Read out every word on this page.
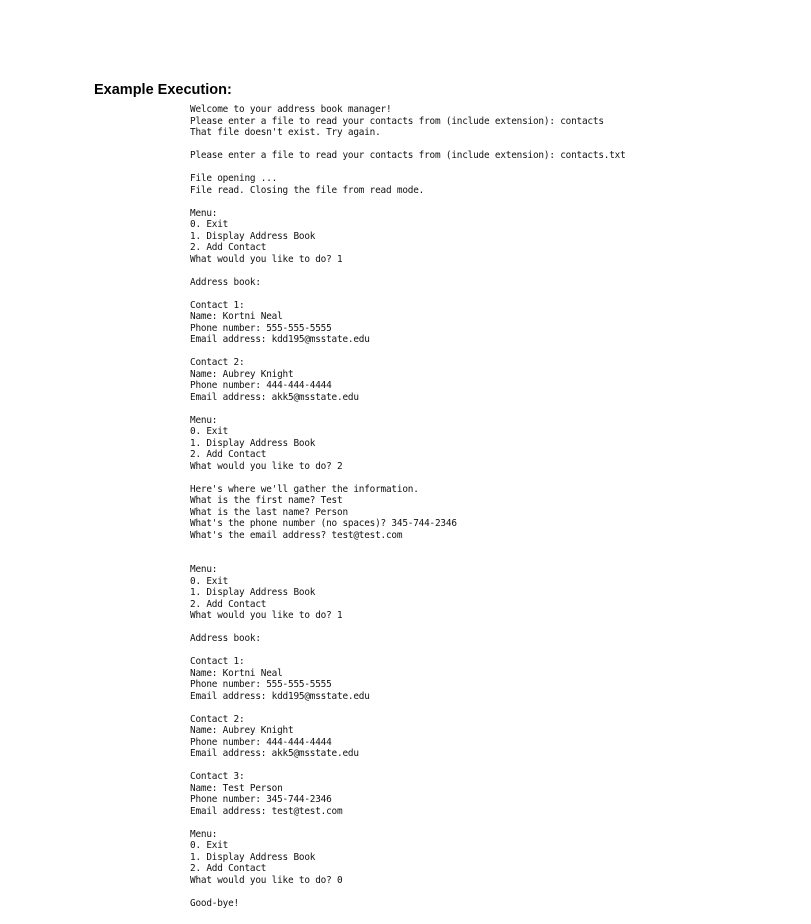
Example Execution:
Welcome to your address book manager!
Please enter a file to read your contacts from (include extension): contacts
That file doesn't exist. Try again.
Please enter a file to read your contacts from (include extension): contacts.txt
File opening ...
File read. Closing the file from read mode.
Menu:
0. Exit
1. Display Address Book
2. Add Contact
What would you like to do? 1
Address book:
Contact 1:
Name: Kortni Neal
Phone number: 555-555-5555
Email address: kdd195@msstate.edu
Contact 2:
Name: Aubrey Knight
Phone number: 444-444-4444
Email address: akk5@msstate.edu
Menu:
0. Exit
1. Display Address Book
2. Add Contact
What would you like to do? 2
Here's where we'll gather the information.
What is the first name? Test
What is the last name? Person
What's the phone number (no spaces)? 345-744-2346
What's the email address? test@test.com
Menu:
0. Exit
1. Display Address Book
2. Add Contact
What would you like to do? 1
Address book:
Contact 1:
Name: Kortni Neal
Phone number: 555-555-5555
Email address: kdd195@msstate.edu
Contact 2:
Name: Aubrey Knight
Phone number: 444-444-4444
Email address: akk5@msstate.edu
Contact 3:
Name: Test Person
Phone number: 345-744-2346
Email address: test@test.com
Menu:
0. Exit
1. Display Address Book
2. Add Contact
What would you like to do? 0
Good-bye!
